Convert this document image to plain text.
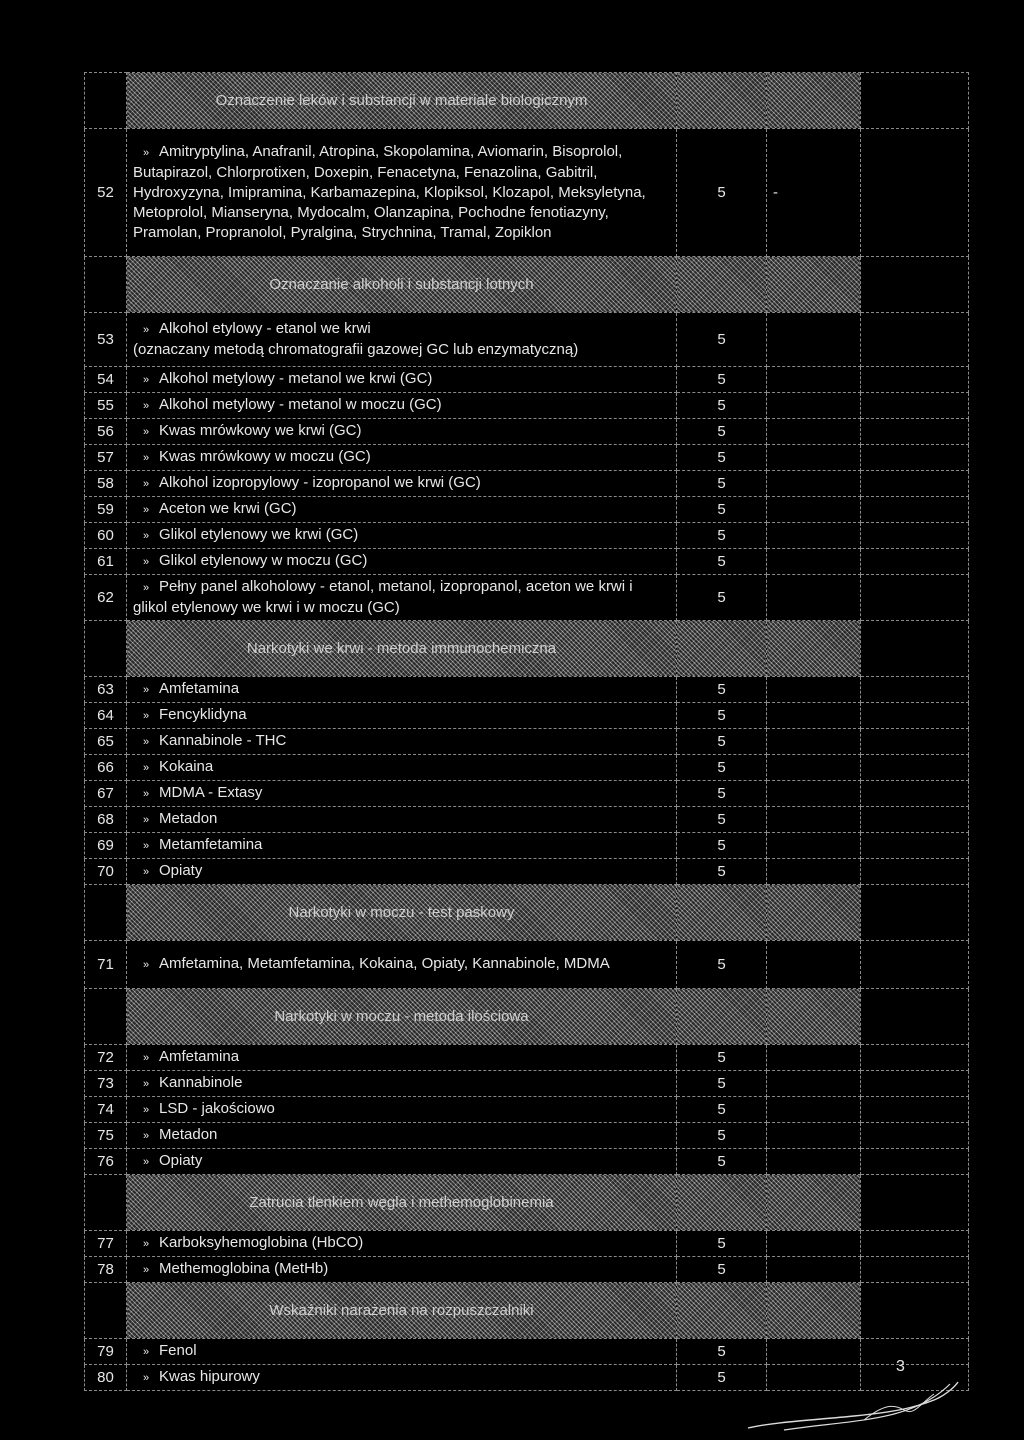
	Oznaczenie leków i substancji w materiale biologicznym			
52	» Amitryptylina, Anafranil, Atropina, Skopolamina, Aviomarin, Bisoprolol, Butapirazol, Chlorprotixen, Doxepin, Fenacetyna, Fenazolina, Gabitril, Hydroxyzyna, Imipramina, Karbamazepina, Klopiksol, Klozapol, Meksyletyna, Metoprolol, Mianseryna, Mydocalm, Olanzapina, Pochodne fenotiazyny, Pramolan, Propranolol, Pyralgina, Strychnina, Tramal, Zopiklon	5	-	
	Oznaczanie alkoholi i substancji lotnych			
53	» Alkohol etylowy - etanol we krwi
(oznaczany metodą chromatografii gazowej GC lub enzymatyczną)	5		
54	» Alkohol metylowy - metanol we krwi (GC)	5		
55	» Alkohol metylowy - metanol w moczu (GC)	5		
56	» Kwas mrówkowy we krwi (GC)	5		
57	» Kwas mrówkowy w moczu (GC)	5		
58	» Alkohol izopropylowy - izopropanol we krwi (GC)	5		
59	» Aceton we krwi (GC)	5		
60	» Glikol etylenowy we krwi (GC)	5		
61	» Glikol etylenowy w moczu (GC)	5		
62	» Pełny panel alkoholowy - etanol, metanol, izopropanol, aceton we krwi i glikol etylenowy we krwi i w moczu (GC)	5		
	Narkotyki we krwi - metoda immunochemiczna			
63	» Amfetamina	5		
64	» Fencyklidyna	5		
65	» Kannabinole - THC	5		
66	» Kokaina	5		
67	» MDMA - Extasy	5		
68	» Metadon	5		
69	» Metamfetamina	5		
70	» Opiaty	5		
	Narkotyki w moczu - test paskowy			
71	» Amfetamina, Metamfetamina, Kokaina, Opiaty, Kannabinole, MDMA	5		
	Narkotyki w moczu - metoda ilościowa			
72	» Amfetamina	5		
73	» Kannabinole	5		
74	» LSD - jakościowo	5		
75	» Metadon	5		
76	» Opiaty	5		
	Zatrucia tlenkiem węgla i methemoglobinemia			
77	» Karboksyhemoglobina (HbCO)	5		
78	» Methemoglobina (MetHb)	5		
	Wskaźniki narażenia na rozpuszczalniki			
79	» Fenol	5		
80	» Kwas hipurowy	5		
3
